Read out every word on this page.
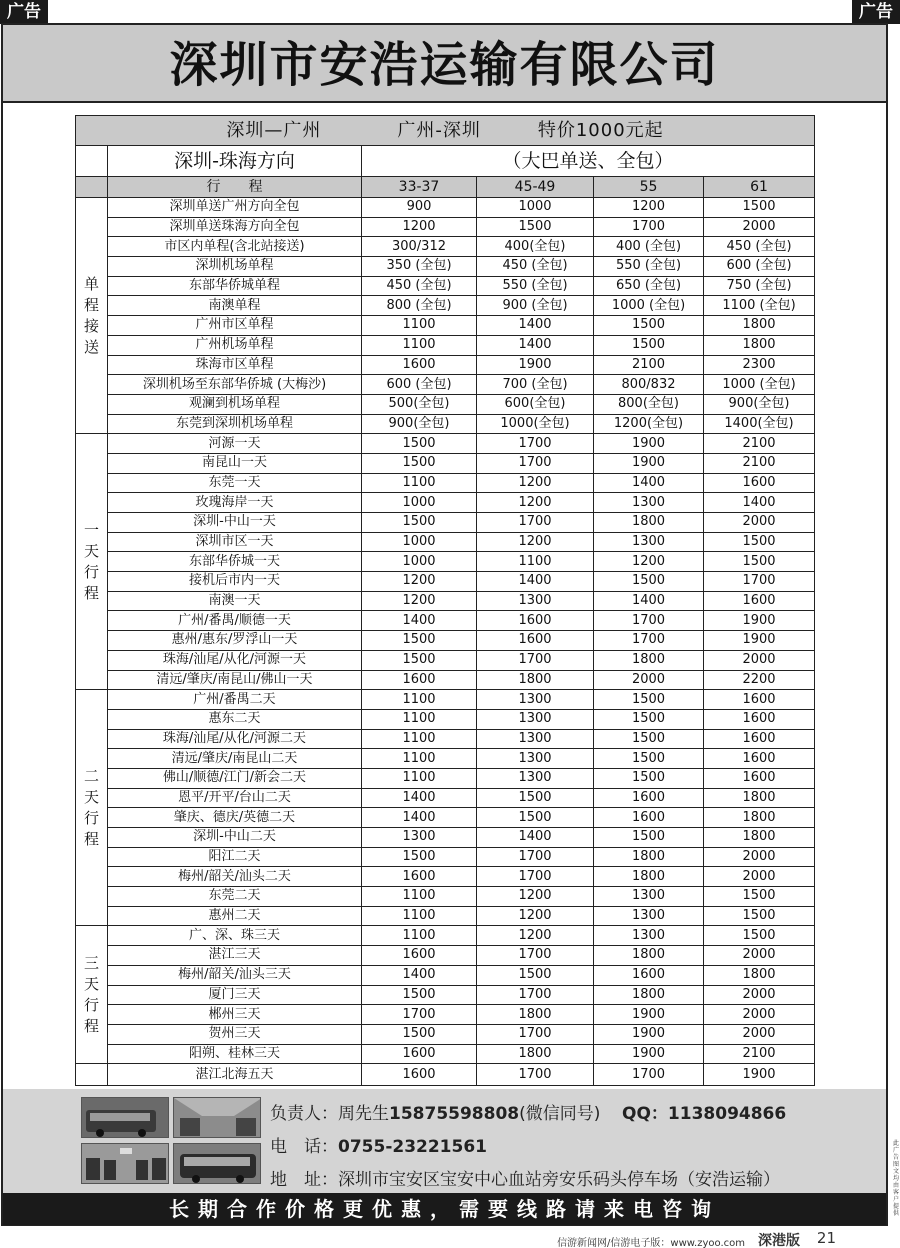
广告	广告
深圳市安浩运输有限公司
深圳—广州　　　　广州-深圳　　　特价1000元起					
	深圳-珠海方向	（大巴单送、全包）			
	行　　程	33-37	45-49	55	61
单程接送	深圳单送广州方向全包	900	1000	1200	1500
	深圳单送珠海方向全包	1200	1500	1700	2000
	市区内单程(含北站接送)	300/312	400(全包)	400 (全包)	450 (全包)
	深圳机场单程	350 (全包)	450 (全包)	550 (全包)	600 (全包)
	东部华侨城单程	450 (全包)	550 (全包)	650 (全包)	750 (全包)
	南澳单程	800 (全包)	900 (全包)	1000 (全包)	1100 (全包)
	广州市区单程	1100	1400	1500	1800
	广州机场单程	1100	1400	1500	1800
	珠海市区单程	1600	1900	2100	2300
	深圳机场至东部华侨城 (大梅沙)	600 (全包)	700 (全包)	800/832	1000 (全包)
	观澜到机场单程	500(全包)	600(全包)	800(全包)	900(全包)
	东莞到深圳机场单程	900(全包)	1000(全包)	1200(全包)	1400(全包)
一天行程	河源一天	1500	1700	1900	2100
	南昆山一天	1500	1700	1900	2100
	东莞一天	1100	1200	1400	1600
	玫瑰海岸一天	1000	1200	1300	1400
	深圳-中山一天	1500	1700	1800	2000
	深圳市区一天	1000	1200	1300	1500
	东部华侨城一天	1000	1100	1200	1500
	接机后市内一天	1200	1400	1500	1700
	南澳一天	1200	1300	1400	1600
	广州/番禺/顺德一天	1400	1600	1700	1900
	惠州/惠东/罗浮山一天	1500	1600	1700	1900
	珠海/汕尾/从化/河源一天	1500	1700	1800	2000
	清远/肇庆/南昆山/佛山一天	1600	1800	2000	2200
二天行程	广州/番禺二天	1100	1300	1500	1600
	惠东二天	1100	1300	1500	1600
	珠海/汕尾/从化/河源二天	1100	1300	1500	1600
	清远/肇庆/南昆山二天	1100	1300	1500	1600
	佛山/顺德/江门/新会二天	1100	1300	1500	1600
	恩平/开平/台山二天	1400	1500	1600	1800
	肇庆、德庆/英德二天	1400	1500	1600	1800
	深圳-中山二天	1300	1400	1500	1800
	阳江二天	1500	1700	1800	2000
	梅州/韶关/汕头二天	1600	1700	1800	2000
	东莞二天	1100	1200	1300	1500
	惠州二天	1100	1200	1300	1500
三天行程	广、深、珠三天	1100	1200	1300	1500
	湛江三天	1600	1700	1800	2000
	梅州/韶关/汕头三天	1400	1500	1600	1800
	厦门三天	1500	1700	1800	2000
	郴州三天	1700	1800	1900	2000
	贺州三天	1500	1700	1900	2000
	阳朔、桂林三天	1600	1800	1900	2100
	湛江北海五天	1600	1700	1700	1900
负责人：周先生15875598808(微信同号) QQ：1138094866
电　话：0755-23221561
地　址：深圳市宝安区宝安中心血站旁安乐码头停车场（安浩运输）
长期合作价格更优惠，需要线路请来电咨询
信游新闻网/信游电子版：www.zyoo.com 深港版 21
此广告图文均由客户提供
